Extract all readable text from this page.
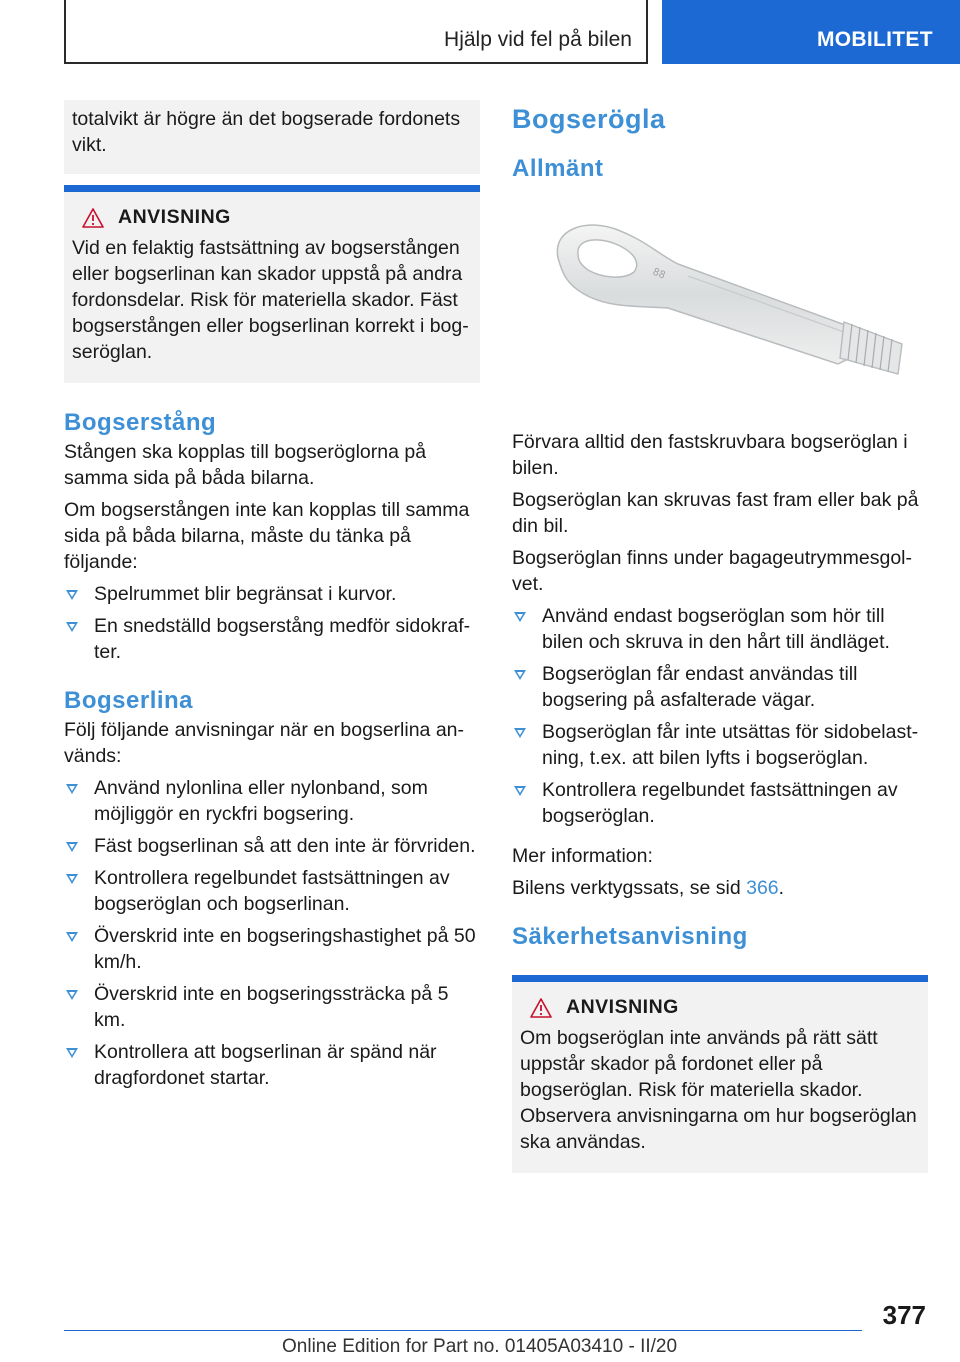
Hjälp vid fel på bilen	MOBILITET

totalvikt är högre än det bogserade fordonets vikt.

ANVISNING

Vid en felaktig fastsättning av bogserstången eller bogserlinan kan skador uppstå på andra fordonsdelar. Risk för materiella skador. Fäst bogserstången eller bogserlinan korrekt i bogseröglan.

Bogserstång

Stången ska kopplas till bogseröglorna på samma sida på båda bilarna.

Om bogserstången inte kan kopplas till samma sida på båda bilarna, måste du tänka på följande:

Spelrummet blir begränsat i kurvor.
En snedställd bogserstång medför sidokrafter.
Bogserlina

Följ följande anvisningar när en bogserlina används:

Använd nylonlina eller nylonband, som möjliggör en ryckfri bogsering.
Fäst bogserlinan så att den inte är förvriden.
Kontrollera regelbundet fastsättningen av bogseröglan och bogserlinan.
Överskrid inte en bogseringshastighet på 50 km/h.
Överskrid inte en bogseringssträcka på 5 km.
Kontrollera att bogserlinan är spänd när dragfordonet startar.
Bogserögla
Allmänt

Förvara alltid den fastskruvbara bogseröglan i bilen.

Bogseröglan kan skruvas fast fram eller bak på din bil.

Bogseröglan finns under bagageutrymmesgolvet.

Använd endast bogseröglan som hör till bilen och skruva in den hårt till ändläget.
Bogseröglan får endast användas till bogsering på asfalterade vägar.
Bogseröglan får inte utsättas för sidobelastning, t.ex. att bilen lyfts i bogseröglan.
Kontrollera regelbundet fastsättningen av bogseröglan.

Mer information:

Bilens verktygssats, se sid 366.

Säkerhetsanvisning
ANVISNING

Om bogseröglan inte används på rätt sätt uppstår skador på fordonet eller på bogseröglan. Risk för materiella skador. Observera anvisningarna om hur bogseröglan ska användas.

88
377
Online Edition for Part no. 01405A03410 - II/20
